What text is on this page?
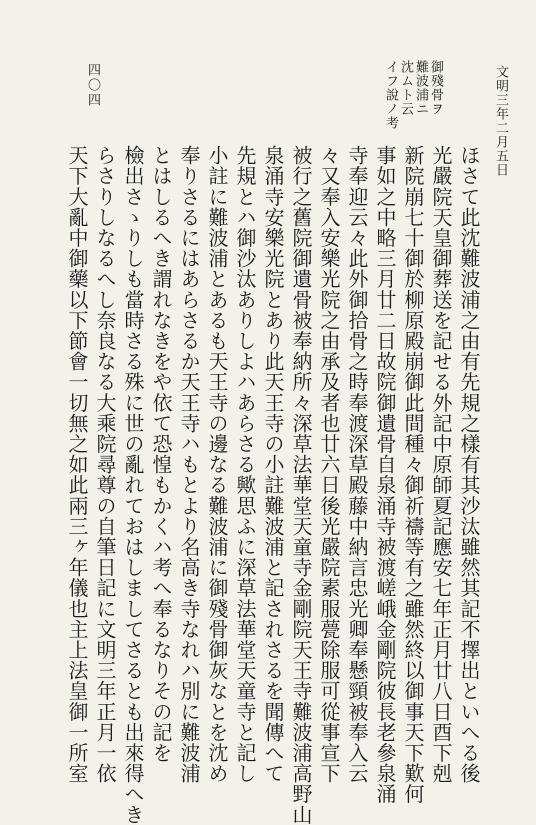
文明三年二月五日
四〇四	御殘骨ヲ
難波浦ニ
沈ムト云
イフ說ノ考
ほさて此沈難波浦之由有先規之樣有其沙汰雖然其記不擇出といへる後
光嚴院天皇御葬送を記せる外記中原師夏記應安七年正月廿八日酉下剋
新院崩七十御於柳原殿崩御此間種々御祈禱等有之雖然終以御事天下歎何
事如之中略三月廿二日故院御遺骨自泉涌寺被渡嵯峨金剛院彼長老參泉涌
寺奉迎云々此外御拾骨之時奉渡深草殿藤中納言忠光卿奉懸頸被奉入云
々又奉入安樂光院之由承及者也廿六日後光嚴院素服甍除服可從事宣下
被行之舊院御遺骨被奉納所々深草法華堂天童寺金剛院天王寺難波浦高野山
泉涌寺安樂光院とあり此天王寺の小註難波浦と記されさるを聞傳へて
先規とハ御沙汰ありしよハあらさる歟思ふに深草法華堂天童寺と記し
小註に難波浦とあるも天王寺の邊なる難波浦に御殘骨御灰なとを沈め
奉りさるにはあらさるか天王寺ハもとより名高き寺なれハ別に難波浦
とはしるへき謂れなきをや依て恐惶もかくハ考へ奉るなりその記を
檢出さゝりしも當時さる殊に世の亂れておはしましてさるとも出來得へき
らさりしなるへし奈良なる大乘院尋尊の自筆日記に文明三年正月一依
天下大亂中御藥以下節會一切無之如此兩三ヶ年儀也主上法皇御一所室
